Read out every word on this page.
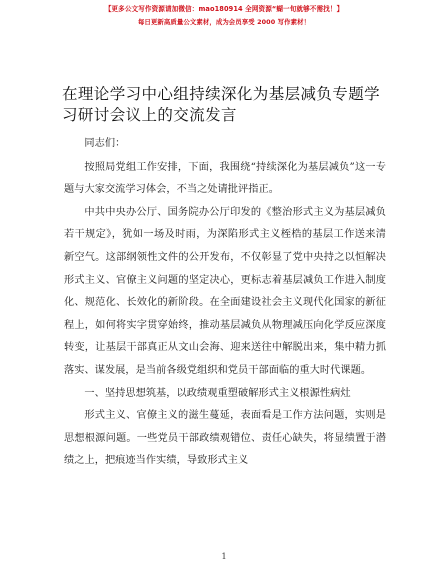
【更多公文写作资源请加微信：mao180914 全网资源“蝴一旬就够不需找！】
每日更新高质量公文素材，成为会员享受 2000 写作素材！
在理论学习中心组持续深化为基层减负专题学习研讨会议上的交流发言

同志们：

按照局党组工作安排，下面，我围绕“持续深化为基层减负”这一专题与大家交流学习体会，不当之处请批评指正。

中共中央办公厅、国务院办公厅印发的《整治形式主义为基层减负若干规定》，犹如一场及时雨，为深陷形式主义桎梏的基层工作送来清新空气。这部纲领性文件的公开发布，不仅彰显了党中央持之以恒解决形式主义、官僚主义问题的坚定决心，更标志着基层减负工作进入制度化、规范化、长效化的新阶段。在全面建设社会主义现代化国家的新征程上，如何将实字贯穿始终，推动基层减负从物理减压向化学反应深度转变，让基层干部真正从文山会海、迎来送往中解脱出来，集中精力抓落实、谋发展，是当前各级党组织和党员干部面临的重大时代课题。

一、坚持思想筑基，以政绩观重塑破解形式主义根源性病灶

形式主义、官僚主义的滋生蔓延，表面看是工作方法问题，实则是思想根源问题。一些党员干部政绩观错位、责任心缺失，将显绩置于潜绩之上，把痕迹当作实绩，导致形式主义

1
